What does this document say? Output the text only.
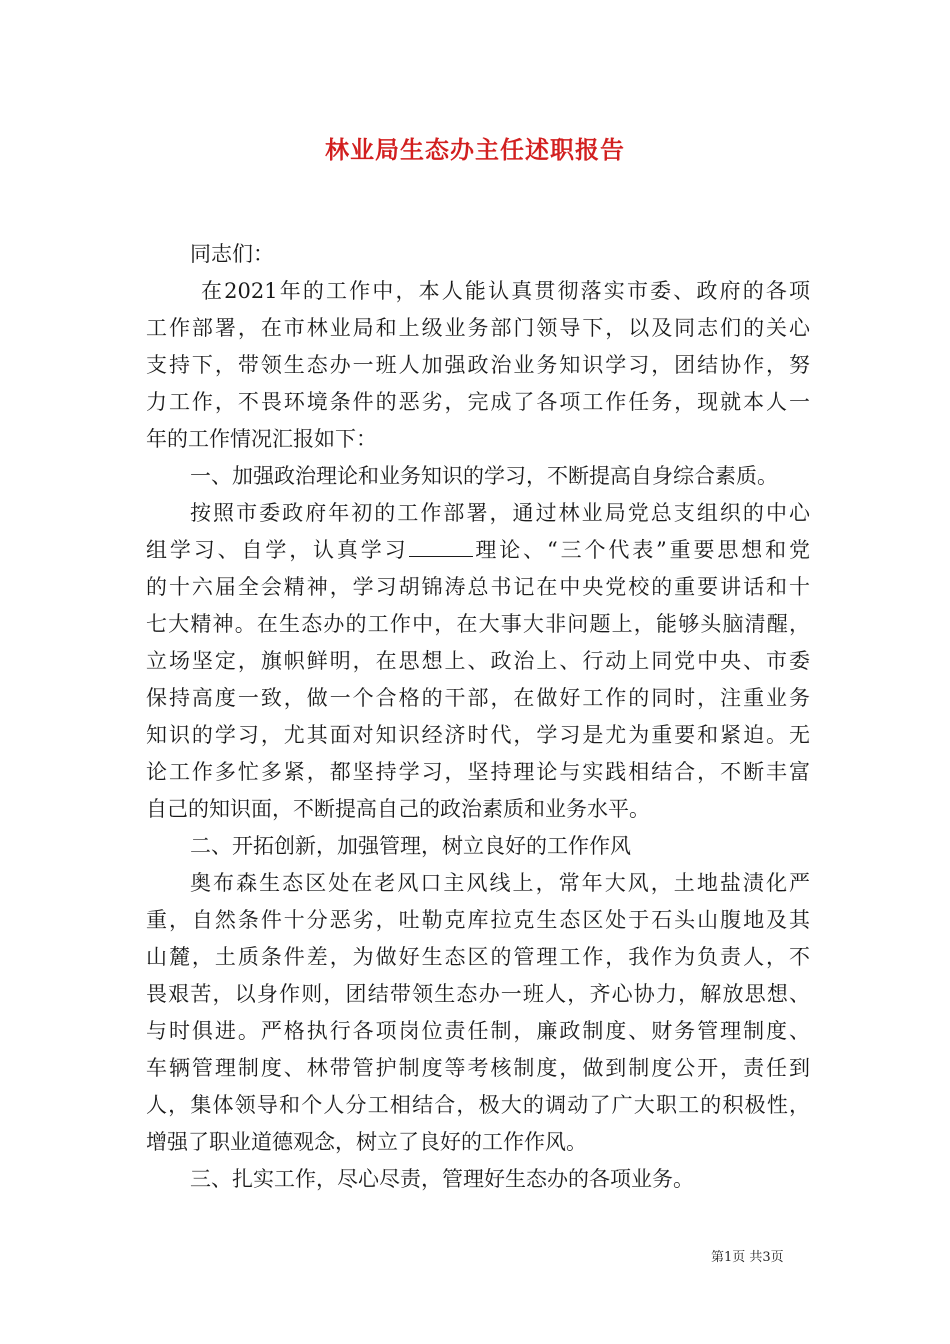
林业局生态办主任述职报告
同志们：
在2021年的工作中，本人能认真贯彻落实市委、政府的各项
工作部署，在市林业局和上级业务部门领导下，以及同志们的关心
支持下，带领生态办一班人加强政治业务知识学习，团结协作，努
力工作，不畏环境条件的恶劣，完成了各项工作任务，现就本人一
年的工作情况汇报如下：
一、加强政治理论和业务知识的学习，不断提高自身综合素质。
按照市委政府年初的工作部署，通过林业局党总支组织的中心
组学习、自学，认真学习	理论、“三个代表”重要思想和党
的十六届全会精神，学习胡锦涛总书记在中央党校的重要讲话和十
七大精神。在生态办的工作中，在大事大非问题上，能够头脑清醒，
立场坚定，旗帜鲜明，在思想上、政治上、行动上同党中央、市委
保持高度一致，做一个合格的干部，在做好工作的同时，注重业务
知识的学习，尤其面对知识经济时代，学习是尤为重要和紧迫。无
论工作多忙多紧，都坚持学习，坚持理论与实践相结合，不断丰富
自己的知识面，不断提高自己的政治素质和业务水平。
二、开拓创新，加强管理，树立良好的工作作风
奥布森生态区处在老风口主风线上，常年大风，土地盐渍化严
重，自然条件十分恶劣，吐勒克库拉克生态区处于石头山腹地及其
山麓，土质条件差，为做好生态区的管理工作，我作为负责人，不
畏艰苦，以身作则，团结带领生态办一班人，齐心协力，解放思想、
与时俱进。严格执行各项岗位责任制，廉政制度、财务管理制度、
车辆管理制度、林带管护制度等考核制度，做到制度公开，责任到
人，集体领导和个人分工相结合，极大的调动了广大职工的积极性，
增强了职业道德观念，树立了良好的工作作风。
三、扎实工作，尽心尽责，管理好生态办的各项业务。
第1页 共3页
